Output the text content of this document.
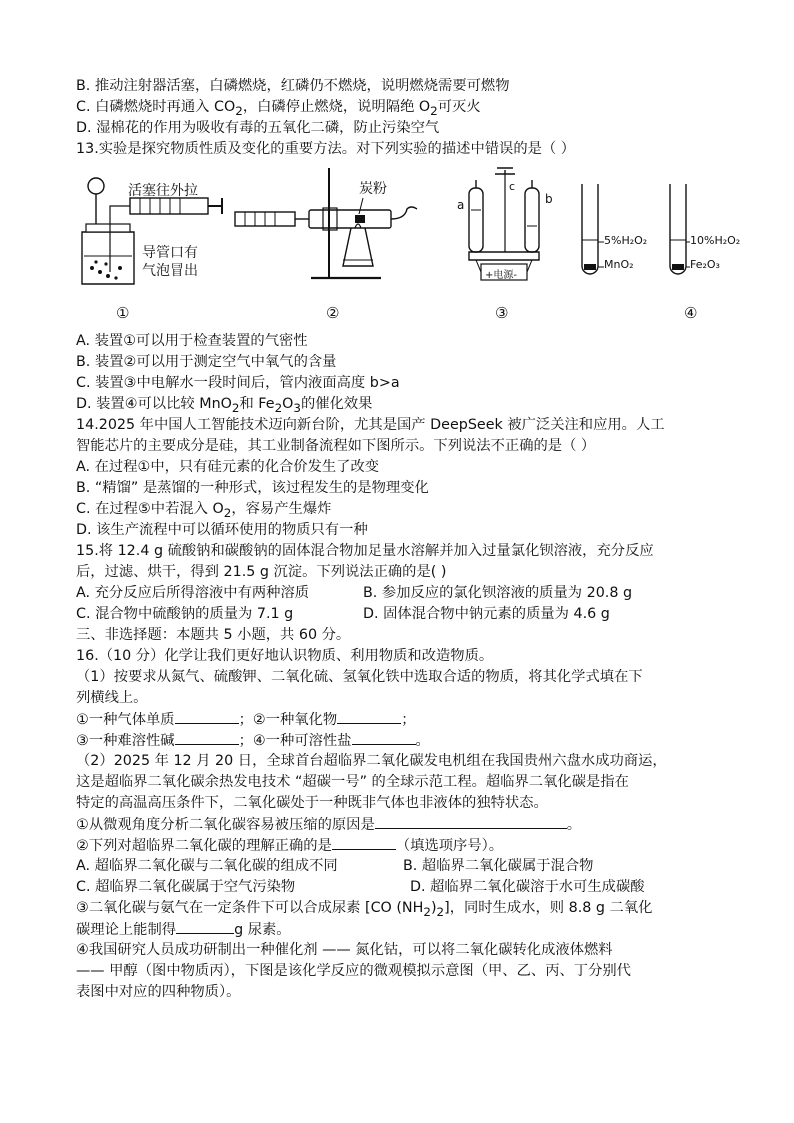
B. 推动注射器活塞，白磷燃烧，红磷仍不燃烧，说明燃烧需要可燃物
C. 白磷燃烧时再通入 $CO_2$，白磷停止燃烧，说明隔绝 $O_2$可灭火
D. 湿棉花的作用为吸收有毒的五氧化二磷，防止污染空气
13.实验是探究物质性质及变化的重要方法。对下列实验的描述中错误的是（ ）
活塞往外拉
导管口有
气泡冒出
①
炭粉
②
a	b
c
+电源-
③
5%H₂O₂
MnO₂
10%H₂O₂
Fe₂O₃
④
A. 装置①可以用于检查装置的气密性
B. 装置②可以用于测定空气中氧气的含量
C. 装置③中电解水一段时间后，管内液面高度 b>a
D. 装置④可以比较 MnO$_2$和 $Fe_2O_3$的催化效果
14.2025 年中国人工智能技术迈向新台阶，尤其是国产 DeepSeek 被广泛关注和应用。人工
智能芯片的主要成分是硅，其工业制备流程如下图所示。下列说法不正确的是（ ）
A. 在过程①中，只有硅元素的化合价发生了改变
B. “精馏” 是蒸馏的一种形式，该过程发生的是物理变化
C. 在过程⑤中若混入 $O_2$，容易产生爆炸
D. 该生产流程中可以循环使用的物质只有一种
15.将 12.4 g 硫酸钠和碳酸钠的固体混合物加足量水溶解并加入过量氯化钡溶液，充分反应
后，过滤、烘干，得到 21.5 g 沉淀。下列说法正确的是( )
A. 充分反应后所得溶液中有两种溶质	B. 参加反应的氯化钡溶液的质量为 20.8 g
C. 混合物中硫酸钠的质量为 7.1 g	D. 固体混合物中钠元素的质量为 4.6 g
三、非选择题：本题共 5 小题，共 60 分。
16.（10 分）化学让我们更好地认识物质、利用物质和改造物质。
（1）按要求从氮气、硫酸钾、二氧化硫、氢氧化铁中选取合适的物质，将其化学式填在下
列横线上。
①一种气体单质	；②一种氧化物	；
③一种难溶性碱	；④一种可溶性盐	。
（2）2025 年 12 月 20 日，全球首台超临界二氧化碳发电机组在我国贵州六盘水成功商运，
这是超临界二氧化碳余热发电技术 “超碳一号” 的全球示范工程。超临界二氧化碳是指在
特定的高温高压条件下，二氧化碳处于一种既非气体也非液体的独特状态。
①从微观角度分析二氧化碳容易被压缩的原因是	。
②下列对超临界二氧化碳的理解正确的是	（填选项序号）。
A. 超临界二氧化碳与二氧化碳的组成不同	B. 超临界二氧化碳属于混合物
C. 超临界二氧化碳属于空气污染物	D. 超临界二氧化碳溶于水可生成碳酸
③二氧化碳与氨气在一定条件下可以合成尿素 [CO $(NH_2)_2$]，同时生成水，则 8.8 g 二氧化
碳理论上能制得	g 尿素。
④我国研究人员成功研制出一种催化剂 —— 氮化钴，可以将二氧化碳转化成液体燃料
—— 甲醇（图中物质丙），下图是该化学反应的微观模拟示意图（甲、乙、丙、丁分别代
表图中对应的四种物质）。
